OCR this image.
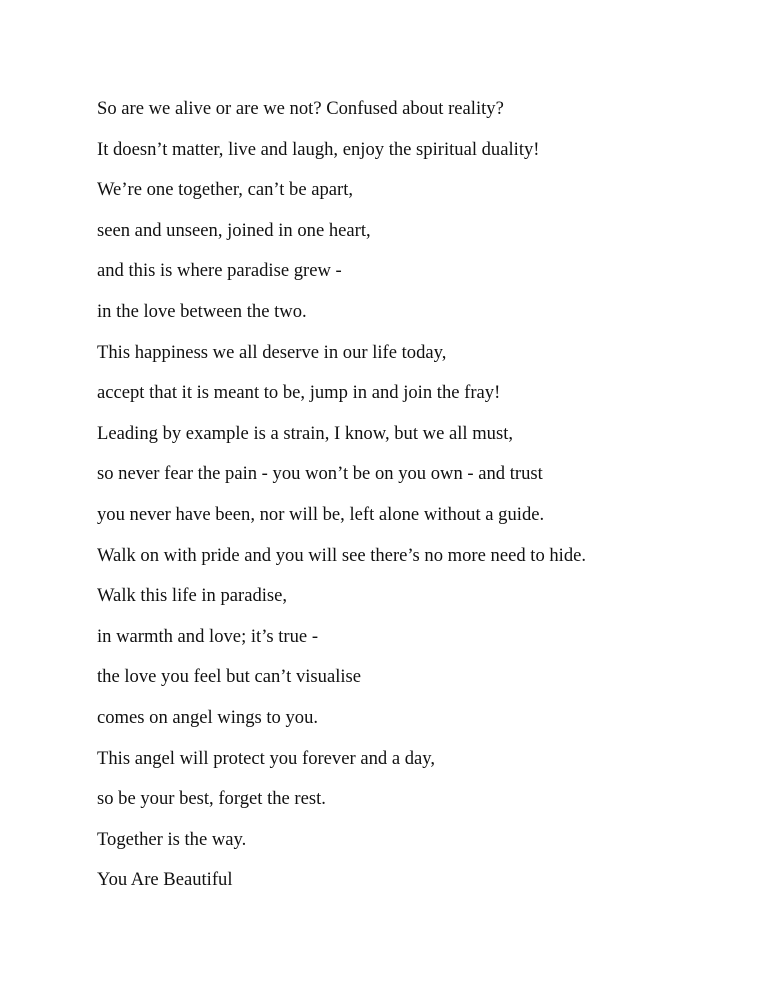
So are we alive or are we not? Confused about reality?
It doesn’t matter, live and laugh, enjoy the spiritual duality!
We’re one together, can’t be apart,
seen and unseen, joined in one heart,
and this is where paradise grew -
in the love between the two.
This happiness we all deserve in our life today,
accept that it is meant to be, jump in and join the fray!
Leading by example is a strain, I know, but we all must,
so never fear the pain - you won’t be on you own - and trust
you never have been, nor will be, left alone without a guide.
Walk on with pride and you will see there’s no more need to hide.
Walk this life in paradise,
in warmth and love; it’s true -
the love you feel but can’t visualise
comes on angel wings to you.
This angel will protect you forever and a day,
so be your best, forget the rest.
Together is the way.
You Are Beautiful
